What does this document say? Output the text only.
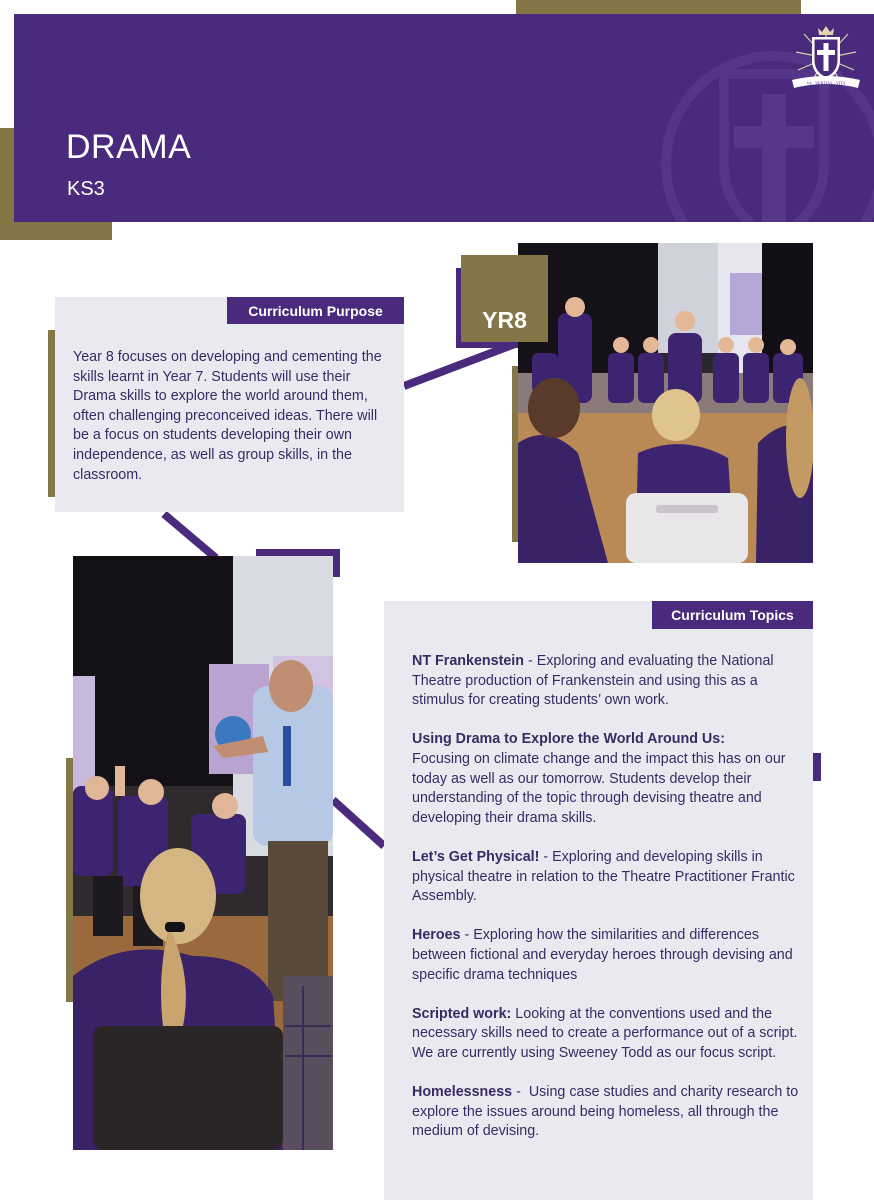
DRAMA
KS3
VA · VERITAS · VITA
Curriculum Purpose
Year 8 focuses on developing and cementing the skills learnt in Year 7. Students will use their Drama skills to explore the world around them, often challenging preconceived ideas. There will be a focus on students developing their own independence, as well as group skills, in the classroom.
YR8
Curriculum Topics

NT Frankenstein - Exploring and evaluating the National Theatre production of Frankenstein and using this as a stimulus for creating students’ own work.

Using Drama to Explore the World Around Us:
Focusing on climate change and the impact this has on our today as well as our tomorrow. Students develop their understanding of the topic through devising theatre and developing their drama skills.

Let’s Get Physical! - Exploring and developing skills in physical theatre in relation to the Theatre Practitioner Frantic Assembly.

Heroes - Exploring how the similarities and differences between fictional and everyday heroes through devising and specific drama techniques

Scripted work: Looking at the conventions used and the necessary skills need to create a performance out of a script. We are currently using Sweeney Todd as our focus script.

Homelessness -  Using case studies and charity research to explore the issues around being homeless, all through the medium of devising.
